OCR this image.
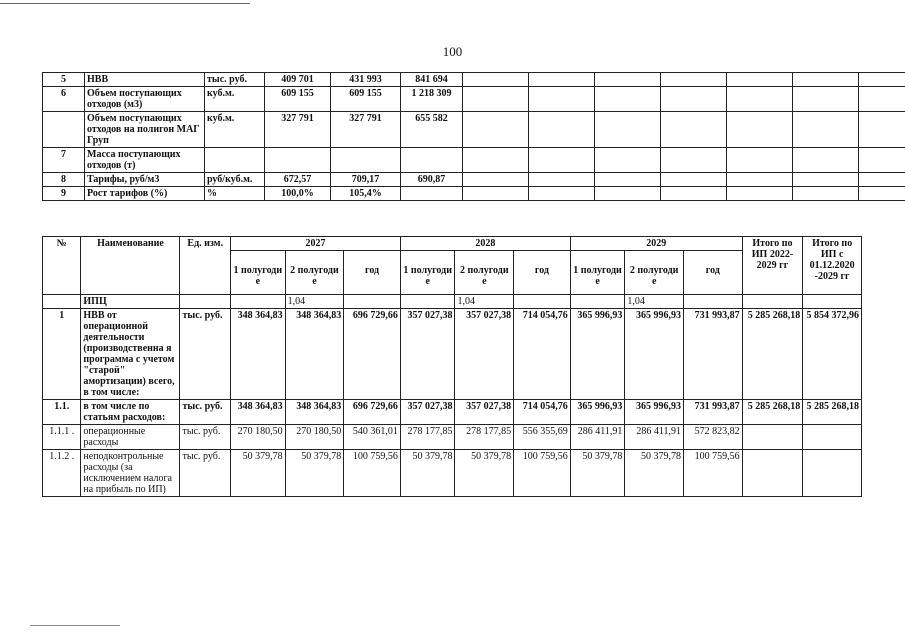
100
5	НВВ	тыс. руб.	409 701	431 993	841 694							
6	Объем поступающих отходов (м3)	куб.м.	609 155	609 155	1 218 309							
	Объем поступающих отходов на полигон МАГ Груп	куб.м.	327 791	327 791	655 582							
7	Масса поступающих отходов (т)											
8	Тарифы, руб/м3	руб/куб.м.	672,57	709,17	690,87							
9	Рост тарифов (%)	%	100,0%	105,4%								
№	Наименование	Ед. изм.	2027			2028			2029			Итого по ИП 2022-2029 гг	Итого по ИП с 01.12.2020 -2029 гг
			1 полугоди е	2 полугоди е	год	1 полугоди е	2 полугоди е	год	1 полугоди е	2 полугоди е	год		
	ИПЦ			1,04			1,04			1,04			
1	НВВ от операционной деятельности (производственна я программа с учетом "старой" амортизации) всего, в том числе:	тыс. руб.	348 364,83	348 364,83	696 729,66	357 027,38	357 027,38	714 054,76	365 996,93	365 996,93	731 993,87	5 285 268,18	5 854 372,96
1.1.	в том числе по статьям расходов:	тыс. руб.	348 364,83	348 364,83	696 729,66	357 027,38	357 027,38	714 054,76	365 996,93	365 996,93	731 993,87	5 285 268,18	5 285 268,18
1.1.1 .	операционные расходы	тыс. руб.	270 180,50	270 180,50	540 361,01	278 177,85	278 177,85	556 355,69	286 411,91	286 411,91	572 823,82		
1.1.2 .	неподконтрольные расходы (за исключением налога на прибыль по ИП)	тыс. руб.	50 379,78	50 379,78	100 759,56	50 379,78	50 379,78	100 759,56	50 379,78	50 379,78	100 759,56		
